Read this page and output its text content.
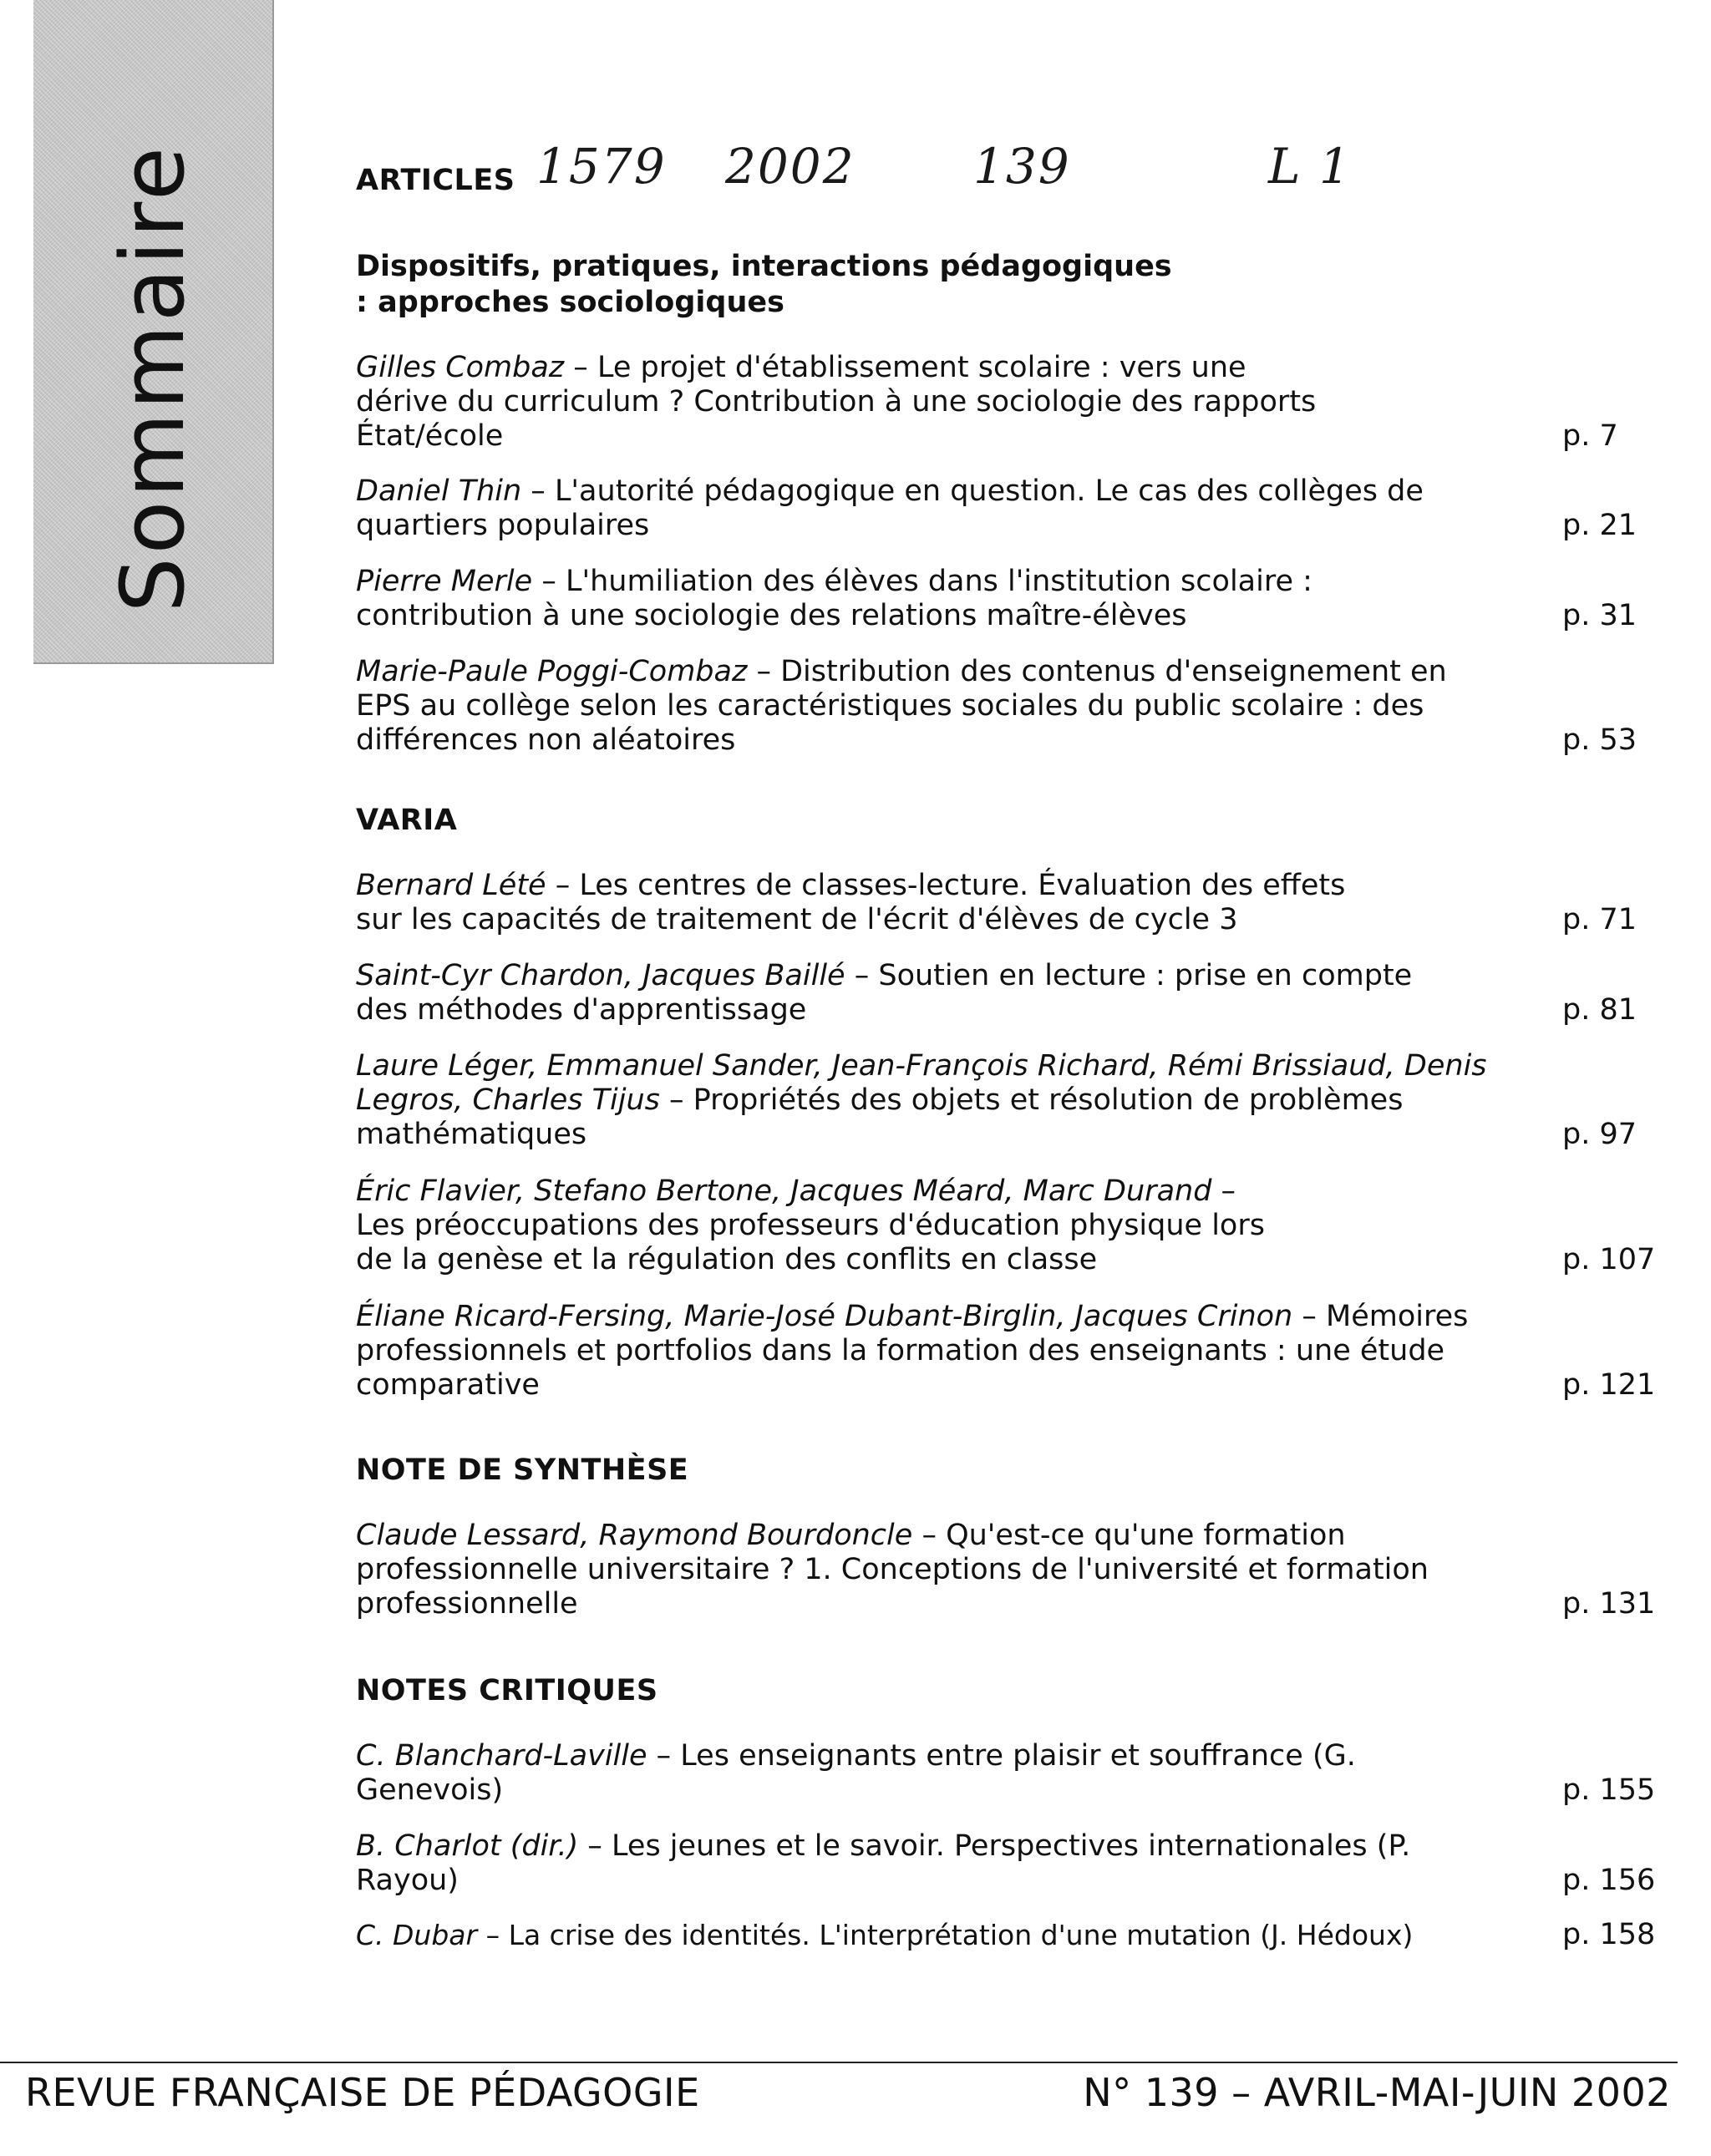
Sommaire	ARTICLES 1579 2002 139	L 1

Dispositifs, pratiques, interactions pédagogiques : approches sociologiques

Gilles Combaz – Le projet d'établissement scolaire : vers une dérive du curriculum ? Contribution à une sociologie des rapports État/école	p. 7
Daniel Thin – L'autorité pédagogique en question. Le cas des collèges de quartiers populaires	p. 21
Pierre Merle – L'humiliation des élèves dans l'institution scolaire : contribution à une sociologie des relations maître-élèves	p. 31
Marie-Paule Poggi-Combaz – Distribution des contenus d'enseignement en EPS au collège selon les caractéristiques sociales du public scolaire : des différences non aléatoires	p. 53
VARIA
Bernard Lété – Les centres de classes-lecture. Évaluation des effets sur les capacités de traitement de l'écrit d'élèves de cycle 3	p. 71
Saint-Cyr Chardon, Jacques Baillé – Soutien en lecture : prise en compte des méthodes d'apprentissage	p. 81
Laure Léger, Emmanuel Sander, Jean-François Richard, Rémi Brissiaud, Denis Legros, Charles Tijus – Propriétés des objets et résolution de problèmes mathématiques	p. 97
Éric Flavier, Stefano Bertone, Jacques Méard, Marc Durand – Les préoccupations des professeurs d'éducation physique lors de la genèse et la régulation des conflits en classe	p. 107
Éliane Ricard-Fersing, Marie-José Dubant-Birglin, Jacques Crinon – Mémoires professionnels et portfolios dans la formation des enseignants : une étude comparative	p. 121
NOTE DE SYNTHÈSE
Claude Lessard, Raymond Bourdoncle – Qu'est-ce qu'une formation professionnelle universitaire ? 1. Conceptions de l'université et formation professionnelle	p. 131
NOTES CRITIQUES
C. Blanchard-Laville – Les enseignants entre plaisir et souffrance (G. Genevois)	p. 155
B. Charlot (dir.) – Les jeunes et le savoir. Perspectives internationales (P. Rayou)	p. 156
C. Dubar – La crise des identités. L'interprétation d'une mutation (J. Hédoux)	p. 158

REVUE FRANÇAISE DE PÉDAGOGIE	N° 139 – AVRIL-MAI-JUIN 2002
